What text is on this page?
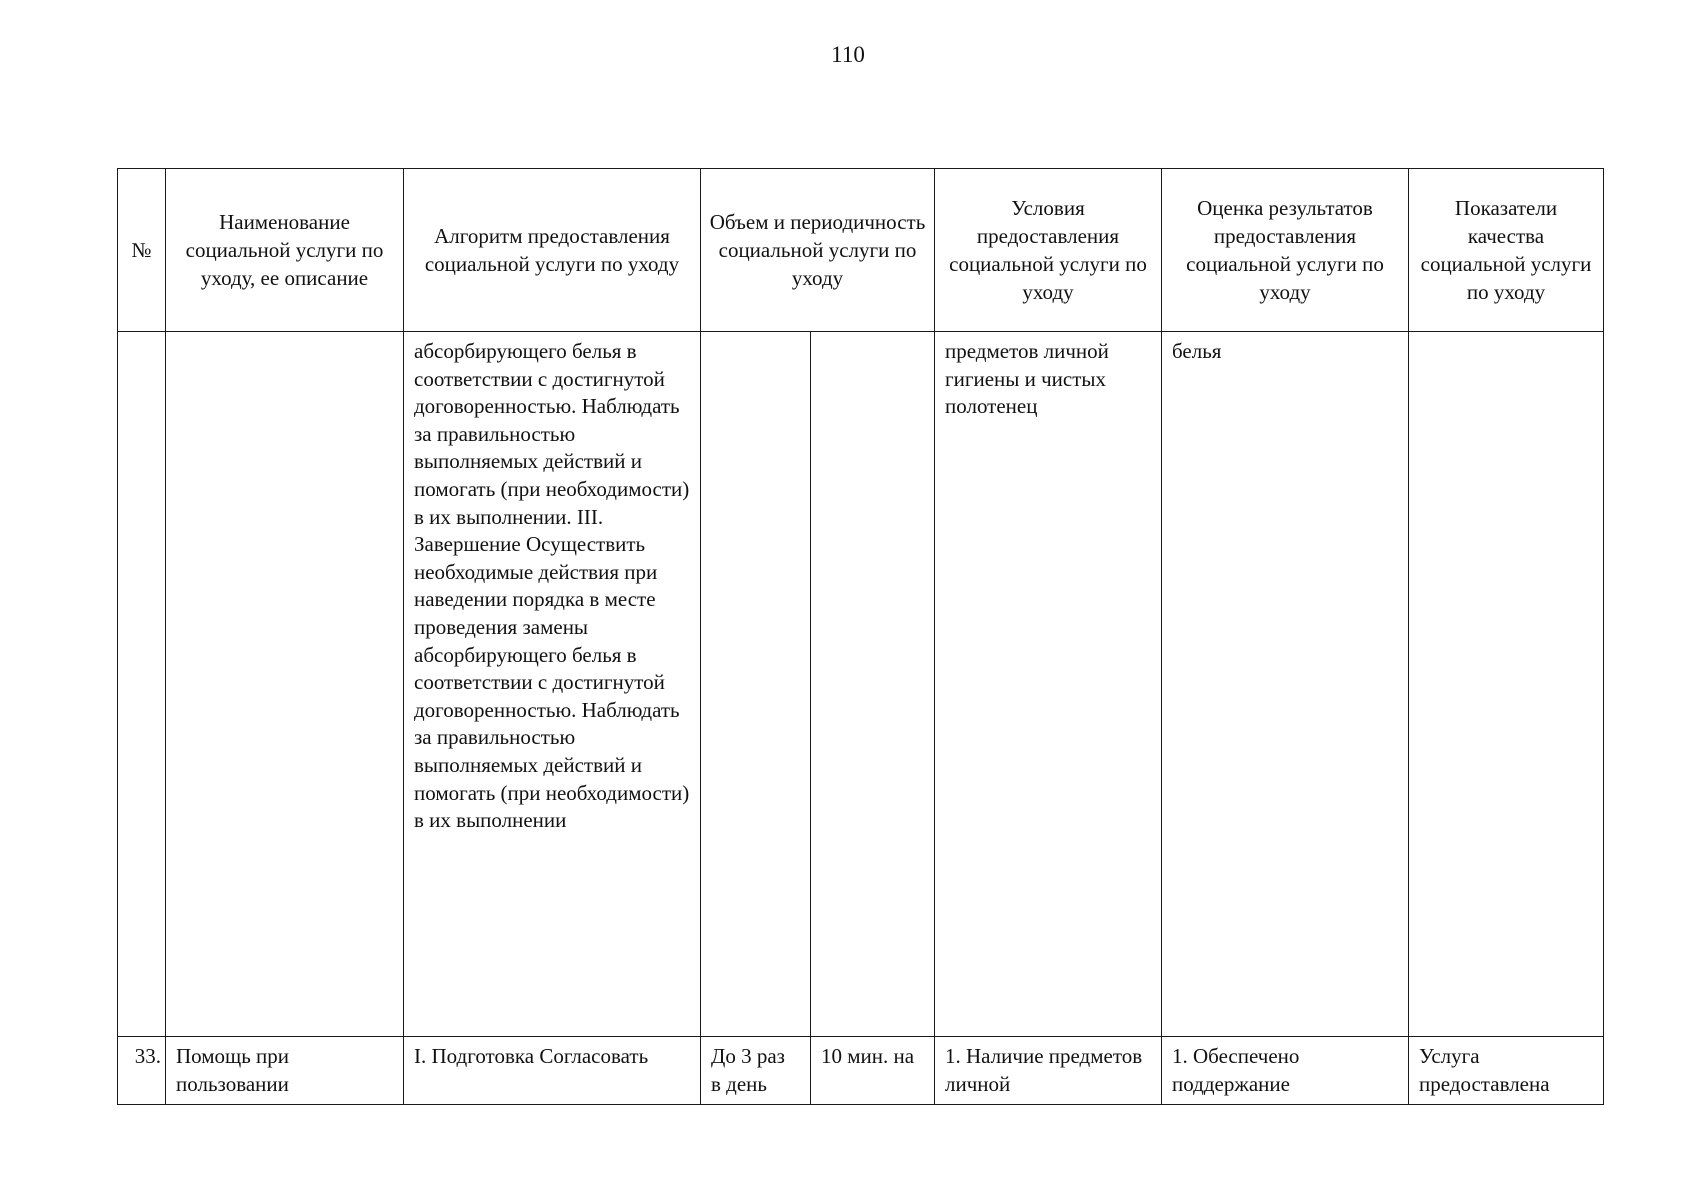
110
№	Наименование социальной услуги по уходу, ее описание	Алгоритм предоставления социальной услуги по уходу	Объем и периодичность социальной услуги по уходу		Условия предоставления социальной услуги по уходу	Оценка результатов предоставления социальной услуги по уходу	Показатели качества социальной услуги по уходу

		абсорбирующего белья в соответствии с достигнутой договоренностью. Наблюдать за правильностью выполняемых действий и помогать (при необходимости) в их выполнении. III. Завершение Осуществить необходимые действия при наведении порядка в месте проведения замены абсорбирующего белья в соответствии с достигнутой договоренностью. Наблюдать за правильностью выполняемых действий и помогать (при необходимости) в их выполнении			предметов личной гигиены и чистых полотенец	белья	

33.	Помощь при пользовании	I. Подготовка Согласовать	До 3 раз в день	10 мин. на	1. Наличие предметов личной	1. Обеспечено поддержание	Услуга предоставлена
